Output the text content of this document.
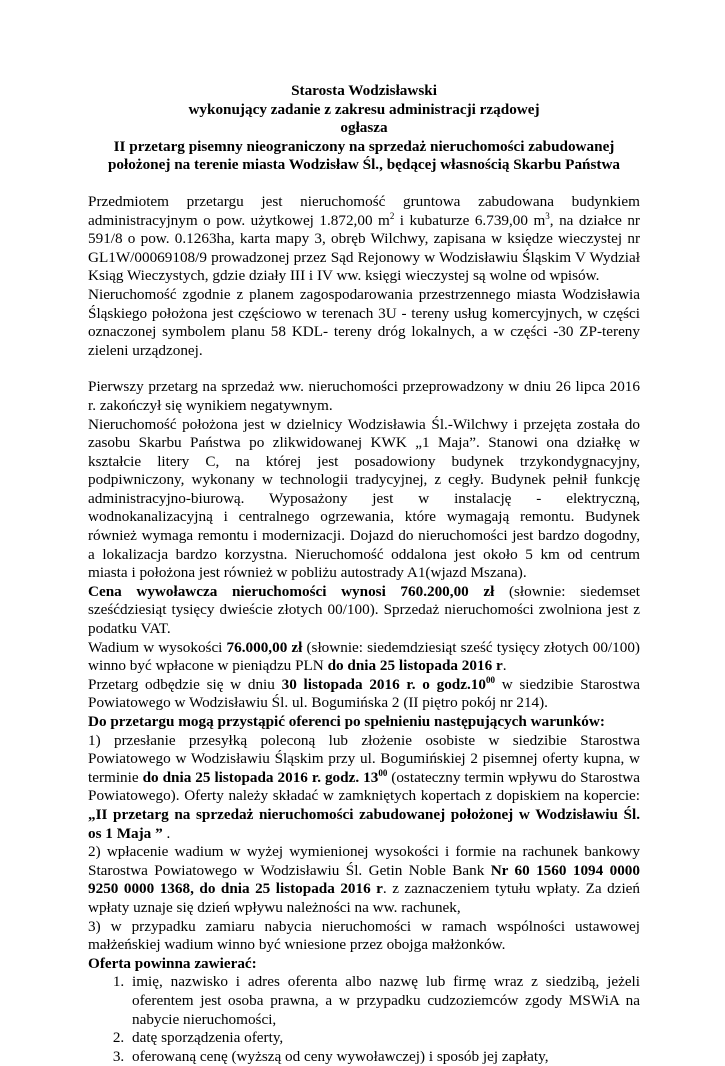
Starosta Wodzisławski
wykonujący zadanie z zakresu administracji rządowej
ogłasza
II przetarg pisemny nieograniczony na sprzedaż nieruchomości zabudowanej
położonej na terenie miasta Wodzisław Śl., będącej własnością Skarbu Państwa

Przedmiotem przetargu jest nieruchomość gruntowa zabudowana budynkiem administracyjnym o pow. użytkowej 1.872,00 $m^2$ i kubaturze 6.739,00 $m^3$, na działce nr 591/8 o pow. 0.1263ha, karta mapy 3, obręb Wilchwy, zapisana w księdze wieczystej nr GL1W/00069108/9 prowadzonej przez Sąd Rejonowy w Wodzisławiu Śląskim V Wydział Ksiąg Wieczystych, gdzie działy III i IV ww. księgi wieczystej są wolne od wpisów.

Nieruchomość zgodnie z planem zagospodarowania przestrzennego miasta Wodzisławia Śląskiego położona jest częściowo w terenach 3U - tereny usług komercyjnych, w części oznaczonej symbolem planu 58 KDL- tereny dróg lokalnych, a w części -30 ZP-tereny zieleni urządzonej.

Pierwszy przetarg na sprzedaż ww. nieruchomości przeprowadzony w dniu 26 lipca 2016 r. zakończył się wynikiem negatywnym.

Nieruchomość położona jest w dzielnicy Wodzisławia Śl.-Wilchwy i przejęta została do zasobu Skarbu Państwa po zlikwidowanej KWK „1 Maja”. Stanowi ona działkę w kształcie litery C, na której jest posadowiony budynek trzykondygnacyjny, podpiwniczony, wykonany w technologii tradycyjnej, z cegły. Budynek pełnił funkcję administracyjno-biurową. Wyposażony jest w instalację - elektryczną, wodnokanalizacyjną i centralnego ogrzewania, które wymagają remontu. Budynek również wymaga remontu i modernizacji. Dojazd do nieruchomości jest bardzo dogodny, a lokalizacja bardzo korzystna. Nieruchomość oddalona jest około 5 km od centrum miasta i położona jest również w pobliżu autostrady A1(wjazd Mszana).

Cena wywoławcza nieruchomości wynosi 760.200,00 zł (słownie: siedemset sześćdziesiąt tysięcy dwieście złotych 00/100). Sprzedaż nieruchomości zwolniona jest z podatku VAT.

Wadium w wysokości 76.000,00 zł (słownie: siedemdziesiąt sześć tysięcy złotych 00/100) winno być wpłacone w pieniądzu PLN do dnia 25 listopada 2016 r.

Przetarg odbędzie się w dniu 30 listopada 2016 r. o $godz.10^{00}$ w siedzibie Starostwa Powiatowego w Wodzisławiu Śl. ul. Bogumińska 2 (II piętro pokój nr 214).

Do przetargu mogą przystąpić oferenci po spełnieniu następujących warunków:

1) przesłanie przesyłką poleconą lub złożenie osobiste w siedzibie Starostwa Powiatowego w Wodzisławiu Śląskim przy ul. Bogumińskiej 2 pisemnej oferty kupna, w terminie do dnia 25 listopada 2016 r. godz. $13^{00}$ (ostateczny termin wpływu do Starostwa Powiatowego). Oferty należy składać w zamkniętych kopertach z dopiskiem na kopercie: „II przetarg na sprzedaż nieruchomości zabudowanej położonej w Wodzisławiu Śl. os 1 Maja ” .

2) wpłacenie wadium w wyżej wymienionej wysokości i formie na rachunek bankowy Starostwa Powiatowego w Wodzisławiu Śl. Getin Noble Bank Nr 60 1560 1094 0000 9250 0000 1368, do dnia 25 listopada 2016 r. z zaznaczeniem tytułu wpłaty. Za dzień wpłaty uznaje się dzień wpływu należności na ww. rachunek,

3) w przypadku zamiaru nabycia nieruchomości w ramach wspólności ustawowej małżeńskiej wadium winno być wniesione przez obojga małżonków.

Oferta powinna zawierać:

1. imię, nazwisko i adres oferenta albo nazwę lub firmę wraz z siedzibą, jeżeli oferentem jest osoba prawna, a w przypadku cudzoziemców zgody MSWiA na nabycie nieruchomości,
2. datę sporządzenia oferty,
3. oferowaną cenę (wyższą od ceny wywoławczej) i sposób jej zapłaty,
